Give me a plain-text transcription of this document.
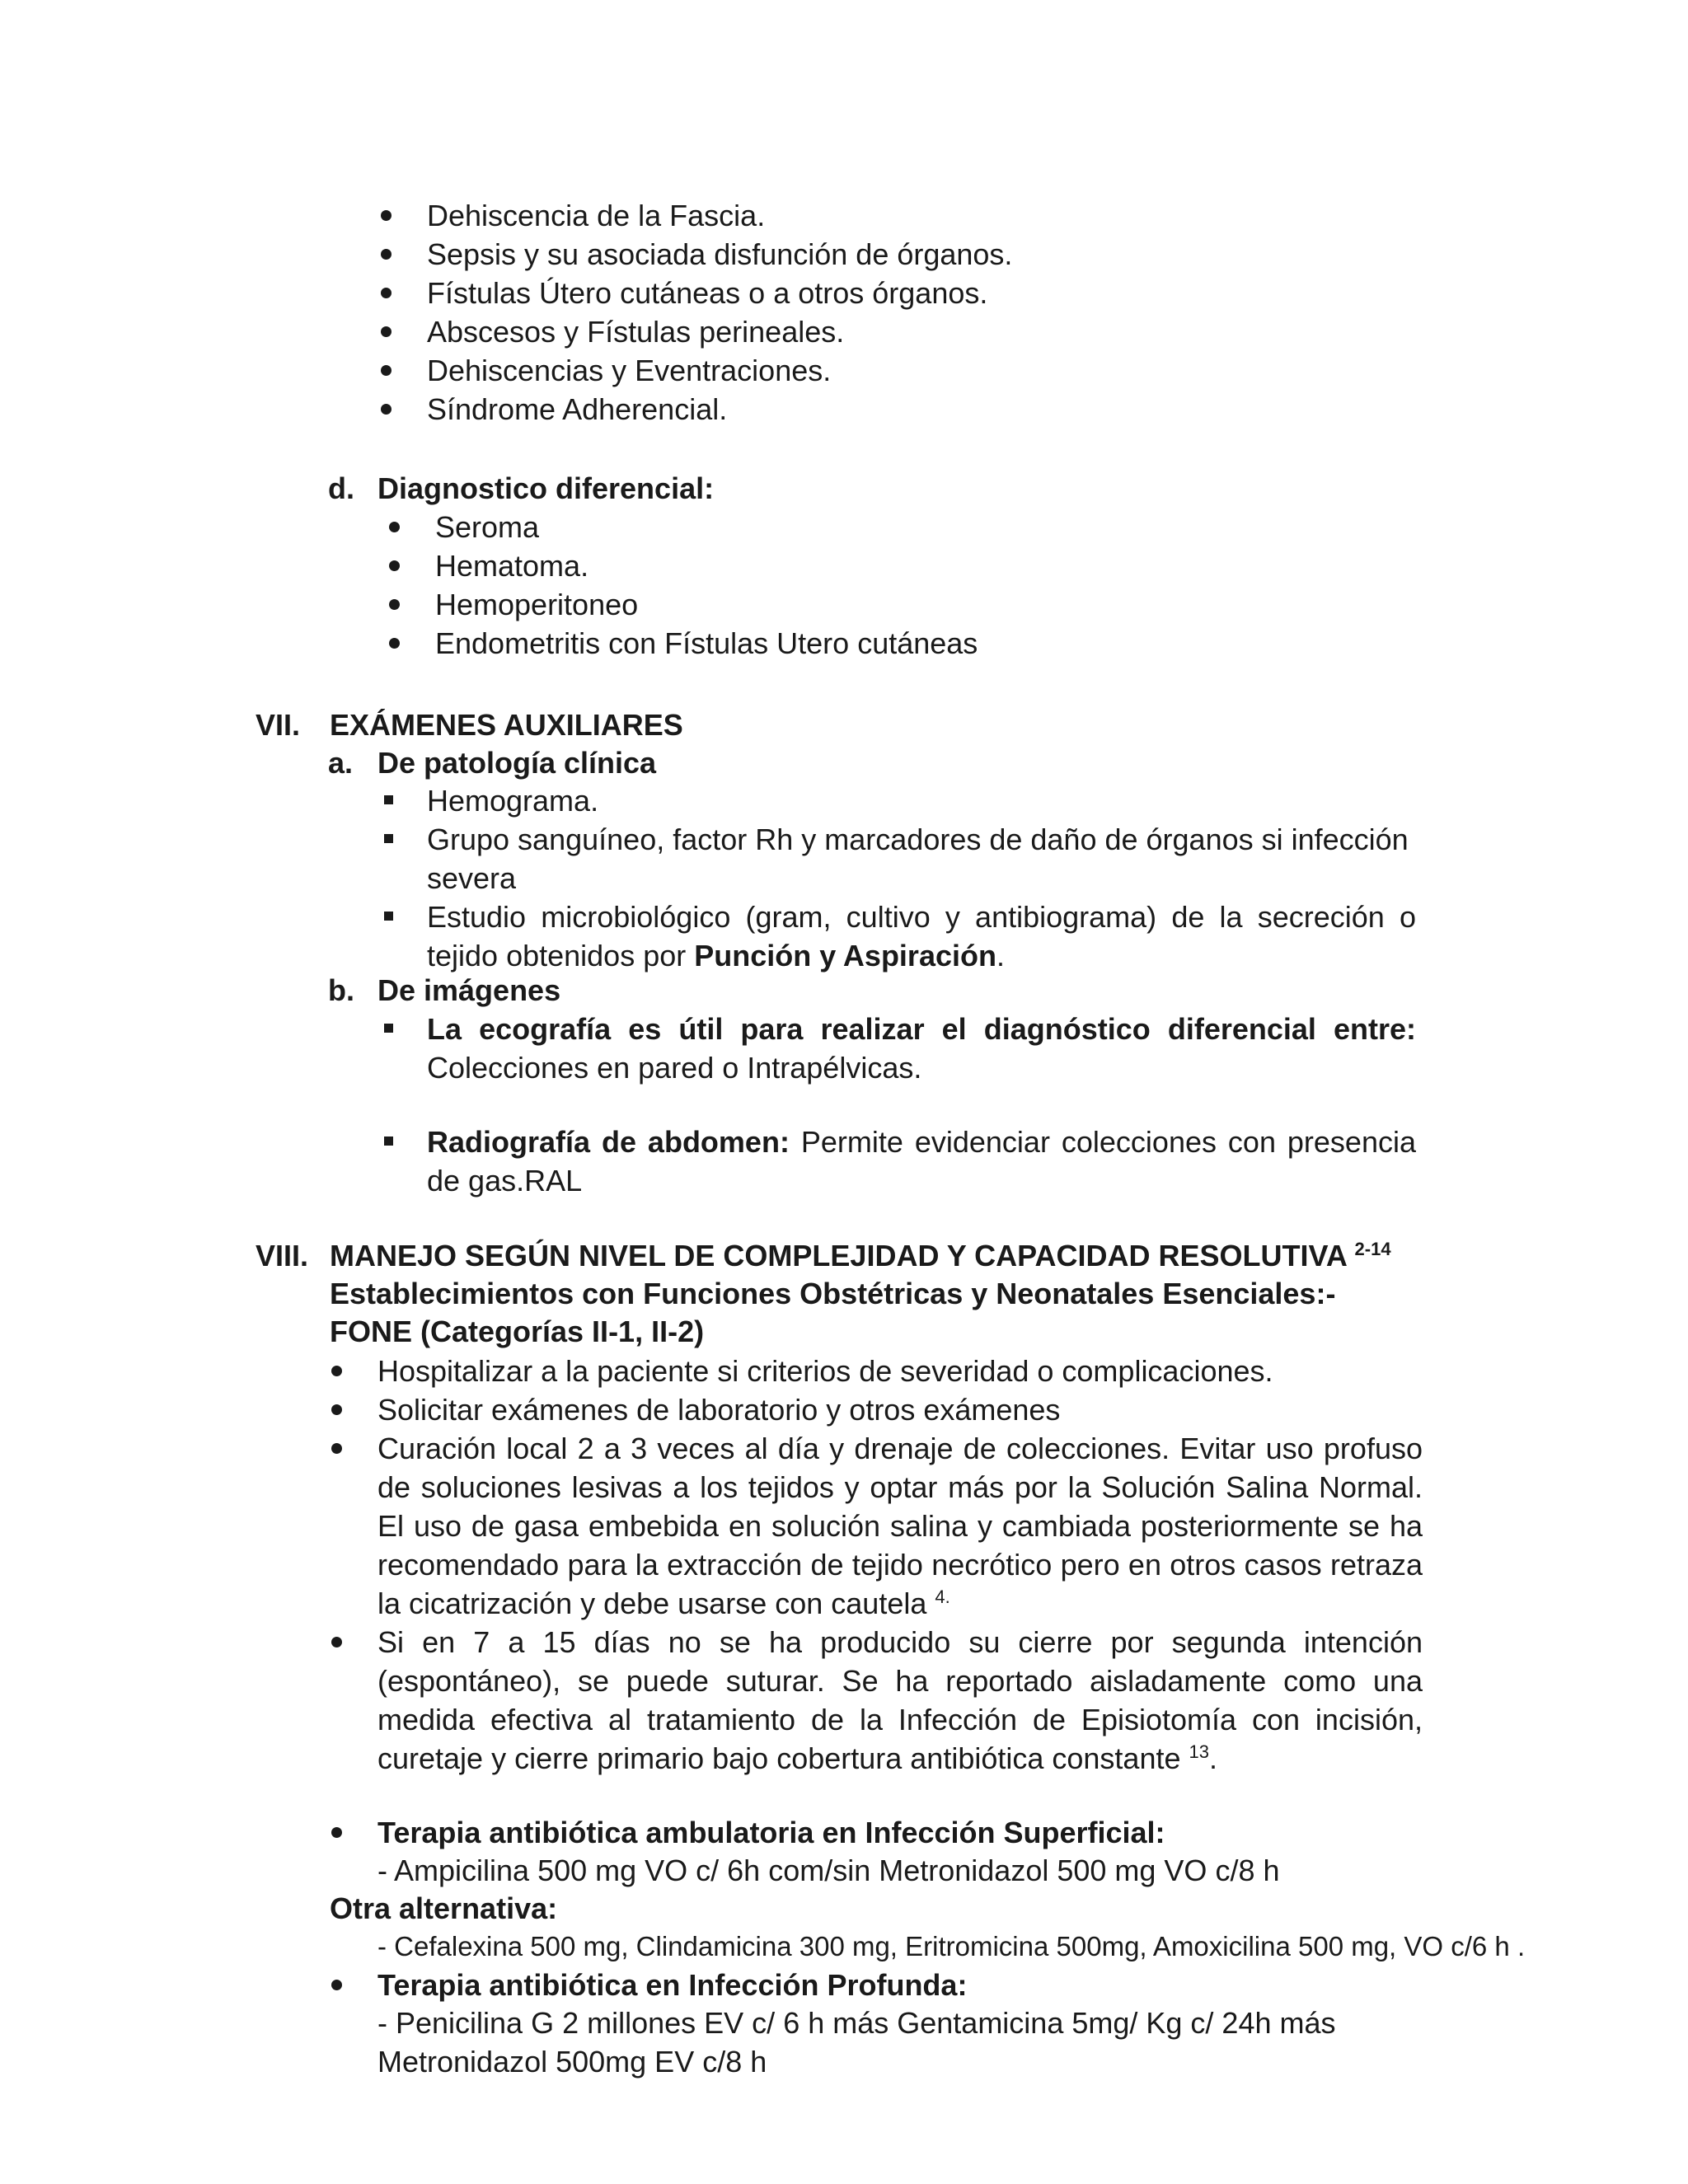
Dehiscencia de la Fascia.
Sepsis y su asociada disfunción de órganos.
Fístulas Útero cutáneas o a otros órganos.
Abscesos y Fístulas perineales.
Dehiscencias y Eventraciones.
Síndrome Adherencial.
d. Diagnostico diferencial:
Seroma
Hematoma.
Hemoperitoneo
Endometritis con Fístulas Utero cutáneas
VII. EXÁMENES AUXILIARES
a. De patología clínica
Hemograma.
Grupo sanguíneo, factor Rh y marcadores de daño de órganos si infección severa
Estudio microbiológico (gram, cultivo y antibiograma) de la secreción o tejido obtenidos por Punción y Aspiración.
b. De imágenes
La ecografía es útil para realizar el diagnóstico diferencial entre: Colecciones en pared o Intrapélvicas.
Radiografía de abdomen: Permite evidenciar colecciones con presencia de gas.RAL
VIII. MANEJO SEGÚN NIVEL DE COMPLEJIDAD Y CAPACIDAD RESOLUTIVA $^{2-14}$
Establecimientos con Funciones Obstétricas y Neonatales Esenciales:-
FONE (Categorías II-1, II-2)
Hospitalizar a la paciente si criterios de severidad o complicaciones.
Solicitar exámenes de laboratorio y otros exámenes
Curación local 2 a 3 veces al día y drenaje de colecciones. Evitar uso profuso de soluciones lesivas a los tejidos y optar más por la Solución Salina Normal. El uso de gasa embebida en solución salina y cambiada posteriormente se ha recomendado para la extracción de tejido necrótico pero en otros casos retraza la cicatrización y debe usarse con cautela $^{4.}$
Si en 7 a 15 días no se ha producido su cierre por segunda intención (espontáneo), se puede suturar. Se ha reportado aisladamente como una medida efectiva al tratamiento de la Infección de Episiotomía con incisión, curetaje y cierre primario bajo cobertura antibiótica constante $^{13}$.
Terapia antibiótica ambulatoria en Infección Superficial:
- Ampicilina 500 mg VO c/ 6h com/sin Metronidazol 500 mg VO c/8 h
Otra alternativa:
- Cefalexina 500 mg, Clindamicina 300 mg, Eritromicina 500mg, Amoxicilina 500 mg, VO c/6 h .
Terapia antibiótica en Infección Profunda:
- Penicilina G 2 millones EV c/ 6 h más Gentamicina 5mg/ Kg c/ 24h más Metronidazol 500mg EV c/8 h
